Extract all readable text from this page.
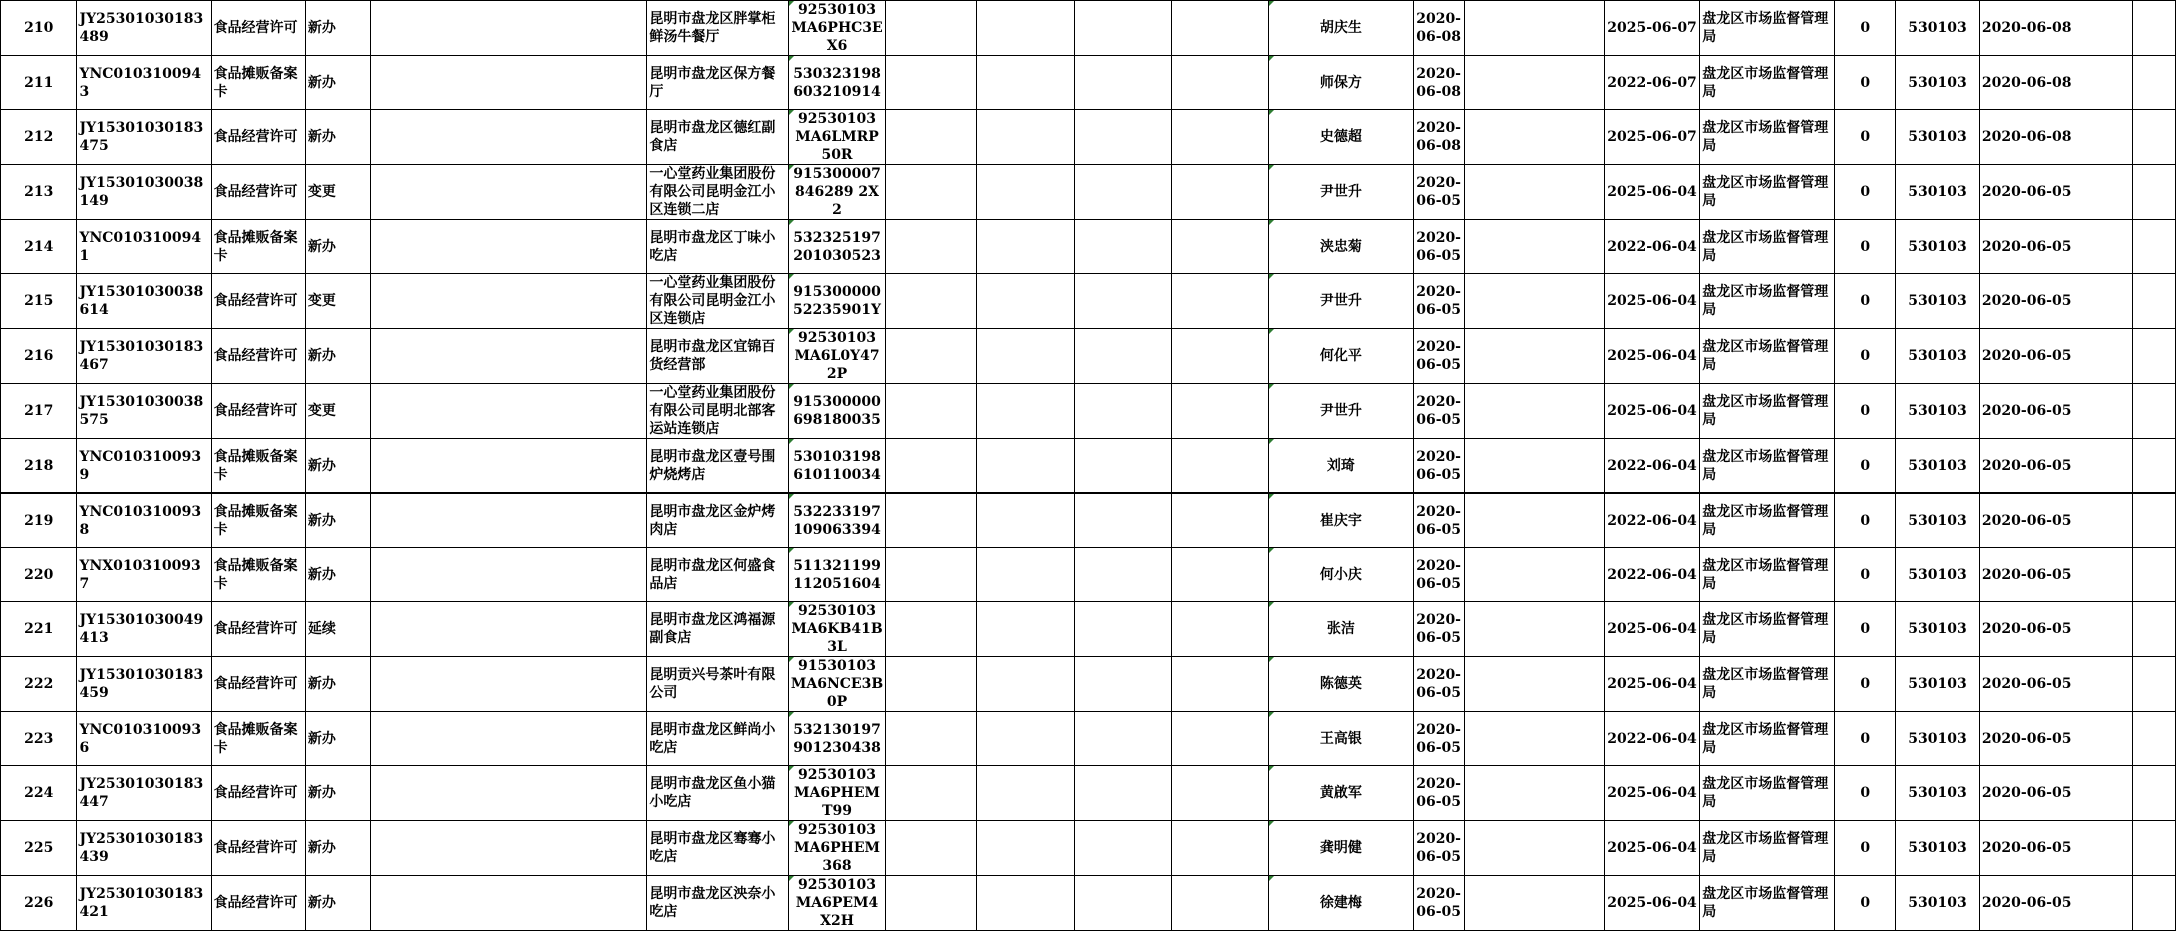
210	JY25301030183489	食品经营许可	新办		昆明市盘龙区胖掌柜鲜汤牛餐厅	92530103MA6PHC3EX6					胡庆生	2020-06-08		2025-06-07	盘龙区市场监督管理局	0	530103	2020-06-08	
211	YNC0103100943	食品摊贩备案卡	新办		昆明市盘龙区保方餐厅	530323198603210914					师保方	2020-06-08		2022-06-07	盘龙区市场监督管理局	0	530103	2020-06-08	
212	JY15301030183475	食品经营许可	新办		昆明市盘龙区德红副食店	92530103MA6LMRP50R					史德超	2020-06-08		2025-06-07	盘龙区市场监督管理局	0	530103	2020-06-08	
213	JY15301030038149	食品经营许可	变更		一心堂药业集团股份有限公司昆明金江小区连锁二店	915300007846289 2X2					尹世升	2020-06-05		2025-06-04	盘龙区市场监督管理局	0	530103	2020-06-05	
214	YNC0103100941	食品摊贩备案卡	新办		昆明市盘龙区丁味小吃店	532325197201030523					浃忠菊	2020-06-05		2022-06-04	盘龙区市场监督管理局	0	530103	2020-06-05	
215	JY15301030038614	食品经营许可	变更		一心堂药业集团股份有限公司昆明金江小区连锁店	91530000052235901Y					尹世升	2020-06-05		2025-06-04	盘龙区市场监督管理局	0	530103	2020-06-05	
216	JY15301030183467	食品经营许可	新办		昆明市盘龙区宜锦百货经营部	92530103MA6L0Y472P					何化平	2020-06-05		2025-06-04	盘龙区市场监督管理局	0	530103	2020-06-05	
217	JY15301030038575	食品经营许可	变更		一心堂药业集团股份有限公司昆明北部客运站连锁店	915300000698180035					尹世升	2020-06-05		2025-06-04	盘龙区市场监督管理局	0	530103	2020-06-05	
218	YNC0103100939	食品摊贩备案卡	新办		昆明市盘龙区壹号围炉烧烤店	530103198610110034					刘琦	2020-06-05		2022-06-04	盘龙区市场监督管理局	0	530103	2020-06-05	
219	YNC0103100938	食品摊贩备案卡	新办		昆明市盘龙区金炉烤肉店	532233197109063394					崔庆宇	2020-06-05		2022-06-04	盘龙区市场监督管理局	0	530103	2020-06-05	
220	YNX0103100937	食品摊贩备案卡	新办		昆明市盘龙区何盛食品店	511321199112051604					何小庆	2020-06-05		2022-06-04	盘龙区市场监督管理局	0	530103	2020-06-05	
221	JY15301030049413	食品经营许可	延续		昆明市盘龙区鸿福源副食店	92530103MA6KB41B3L					张洁	2020-06-05		2025-06-04	盘龙区市场监督管理局	0	530103	2020-06-05	
222	JY15301030183459	食品经营许可	新办		昆明贡兴号茶叶有限公司	91530103MA6NCE3B0P					陈德英	2020-06-05		2025-06-04	盘龙区市场监督管理局	0	530103	2020-06-05	
223	YNC0103100936	食品摊贩备案卡	新办		昆明市盘龙区鲜尚小吃店	532130197901230438					王高银	2020-06-05		2022-06-04	盘龙区市场监督管理局	0	530103	2020-06-05	
224	JY25301030183447	食品经营许可	新办		昆明市盘龙区鱼小猫小吃店	92530103MA6PHEMT99					黄啟军	2020-06-05		2025-06-04	盘龙区市场监督管理局	0	530103	2020-06-05	
225	JY25301030183439	食品经营许可	新办		昆明市盘龙区骞骞小吃店	92530103MA6PHEM368					龚明健	2020-06-05		2025-06-04	盘龙区市场监督管理局	0	530103	2020-06-05	
226	JY25301030183421	食品经营许可	新办		昆明市盘龙区泱奈小吃店	92530103MA6PEM4X2H					徐建梅	2020-06-05		2025-06-04	盘龙区市场监督管理局	0	530103	2020-06-05	
